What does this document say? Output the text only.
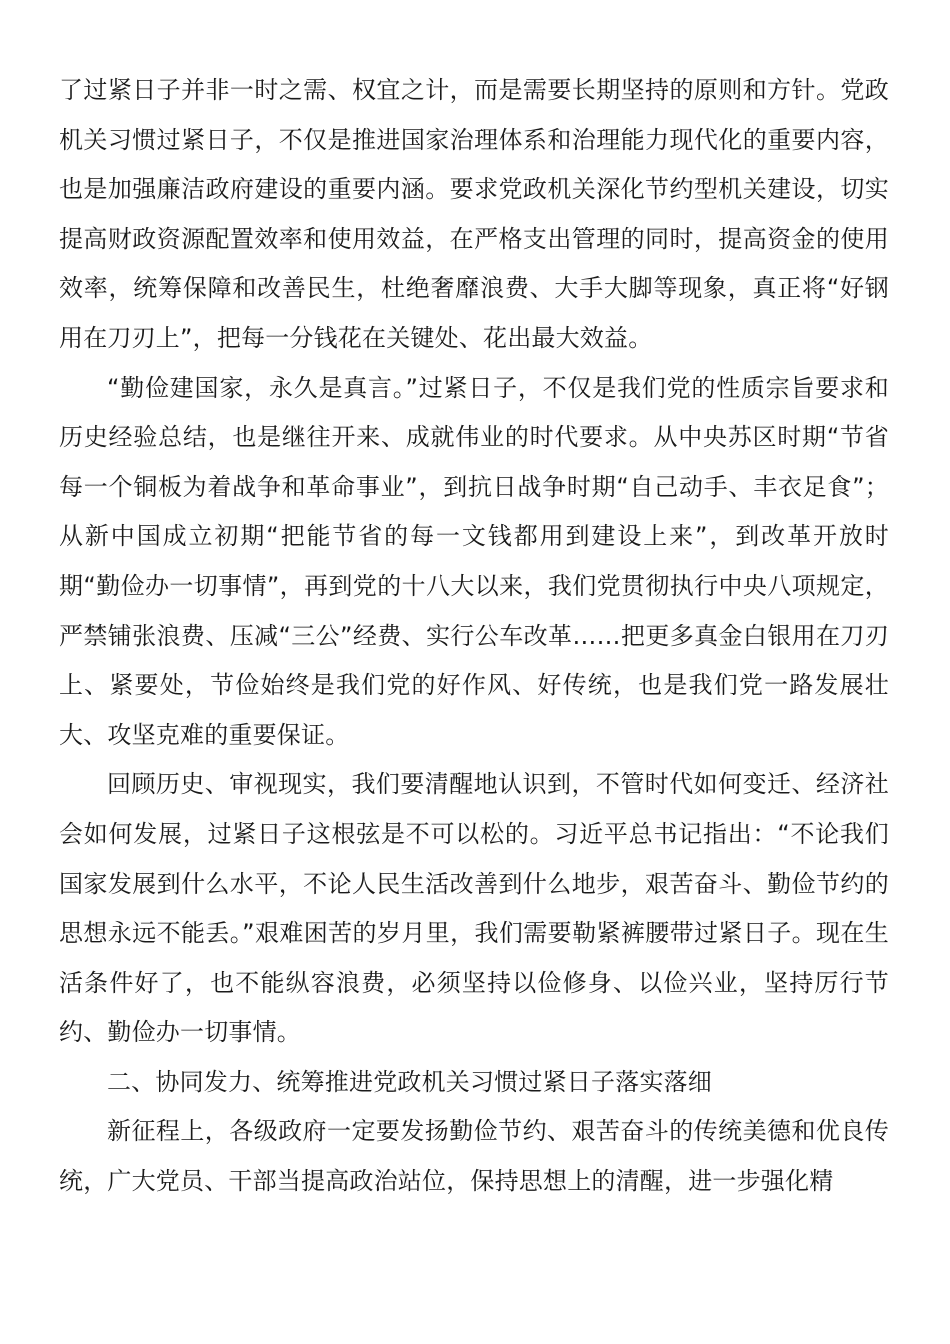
了过紧日子并非一时之需、权宜之计，而是需要长期坚持的原则和方针。党政机关习惯过紧日子，不仅是推进国家治理体系和治理能力现代化的重要内容，也是加强廉洁政府建设的重要内涵。要求党政机关深化节约型机关建设，切实提高财政资源配置效率和使用效益，在严格支出管理的同时，提高资金的使用效率，统筹保障和改善民生，杜绝奢靡浪费、大手大脚等现象，真正将“好钢用在刀刃上”，把每一分钱花在关键处、花出最大效益。

“勤俭建国家，永久是真言。”过紧日子，不仅是我们党的性质宗旨要求和历史经验总结，也是继往开来、成就伟业的时代要求。从中央苏区时期“节省每一个铜板为着战争和革命事业”，到抗日战争时期“自己动手、丰衣足食”；从新中国成立初期“把能节省的每一文钱都用到建设上来”，到改革开放时期“勤俭办一切事情”，再到党的十八大以来，我们党贯彻执行中央八项规定，严禁铺张浪费、压减“三公”经费、实行公车改革……把更多真金白银用在刀刃上、紧要处，节俭始终是我们党的好作风、好传统，也是我们党一路发展壮大、攻坚克难的重要保证。

回顾历史、审视现实，我们要清醒地认识到，不管时代如何变迁、经济社会如何发展，过紧日子这根弦是不可以松的。习近平总书记指出：“不论我们国家发展到什么水平，不论人民生活改善到什么地步，艰苦奋斗、勤俭节约的思想永远不能丢。”艰难困苦的岁月里，我们需要勒紧裤腰带过紧日子。现在生活条件好了，也不能纵容浪费，必须坚持以俭修身、以俭兴业，坚持厉行节约、勤俭办一切事情。

二、协同发力、统筹推进党政机关习惯过紧日子落实落细

新征程上，各级政府一定要发扬勤俭节约、艰苦奋斗的传统美德和优良传统，广大党员、干部当提高政治站位，保持思想上的清醒，进一步强化精
